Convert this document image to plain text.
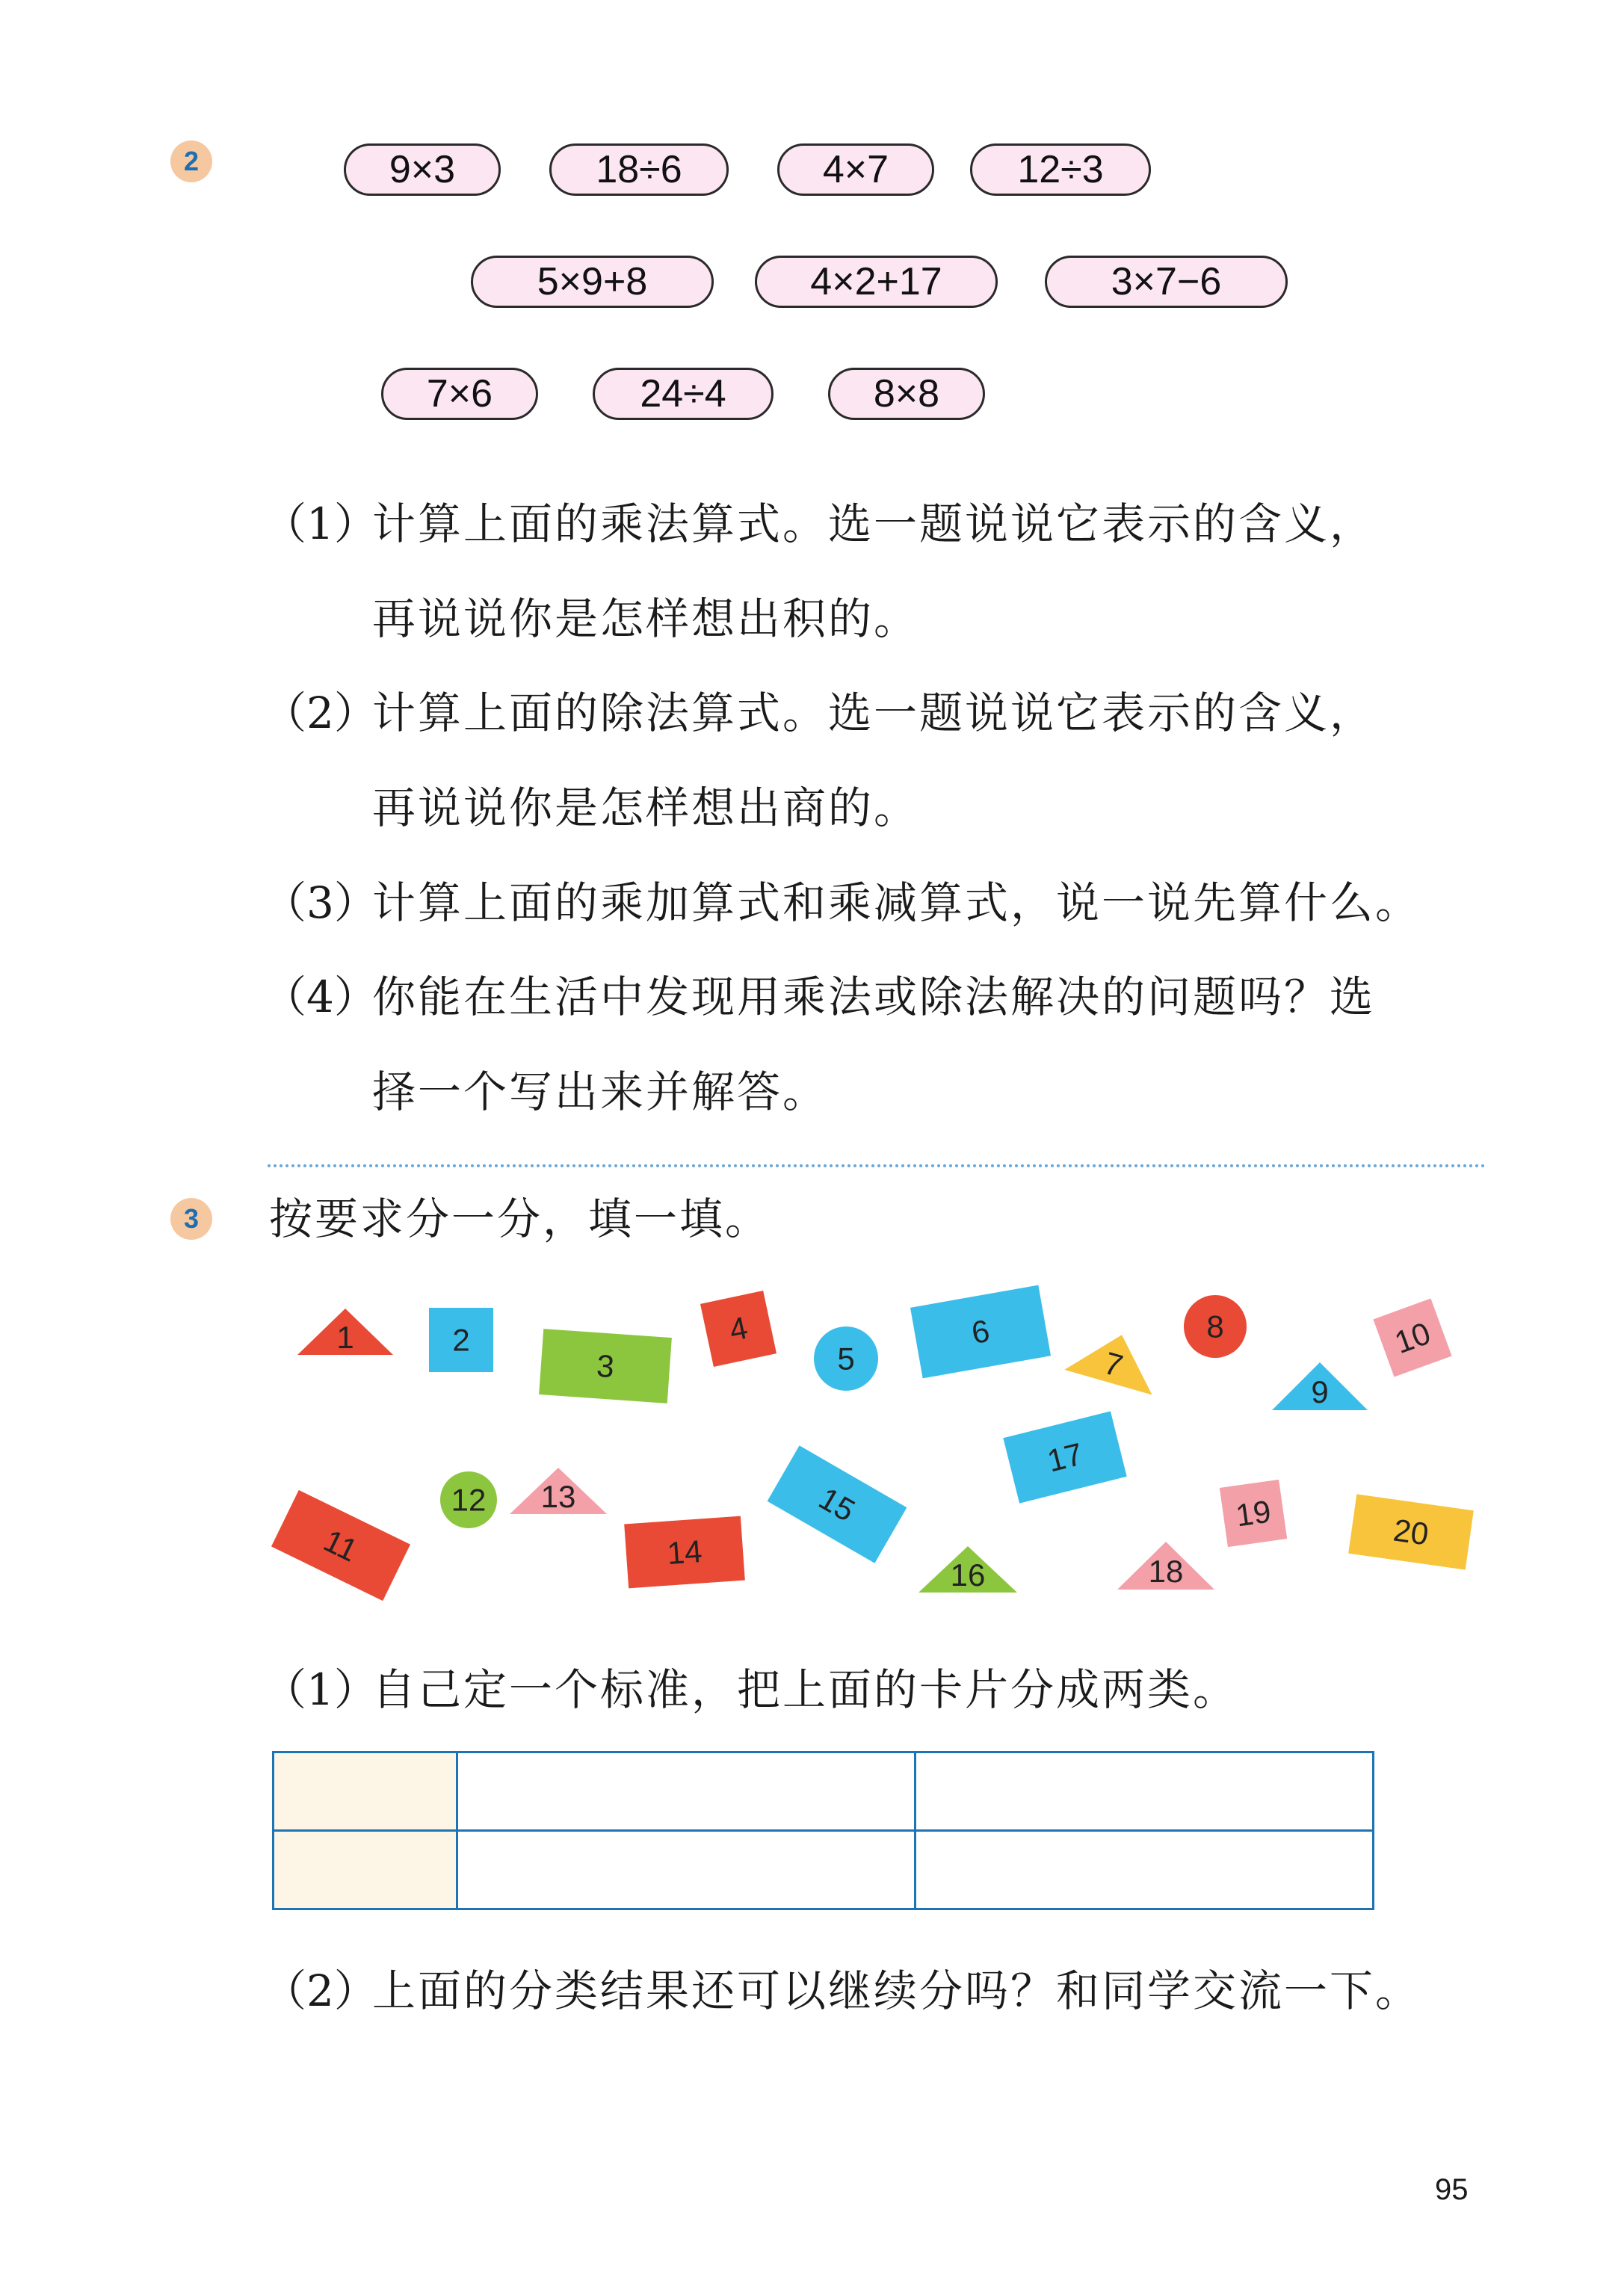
2	9×3	18÷6	4×7	12÷3
5×9+8	4×2+17	3×7−6
7×6	24÷4	8×8
（1）
计算上面的乘法算式。选一题说说它表示的含义，
再说说你是怎样想出积的。
（2）
计算上面的除法算式。选一题说说它表示的含义，
再说说你是怎样想出商的。
（3）
计算上面的乘加算式和乘减算式，说一说先算什么。
（4）
你能在生活中发现用乘法或除法解决的问题吗？选
择一个写出来并解答。
3	按要求分一分，填一填。
1	2
3
4
5
6
7
8
9
10
11
12 13
14
15
16
17
18
19	20
（1）
自己定一个标准，把上面的卡片分成两类。

（2）
上面的分类结果还可以继续分吗？和同学交流一下。
95
